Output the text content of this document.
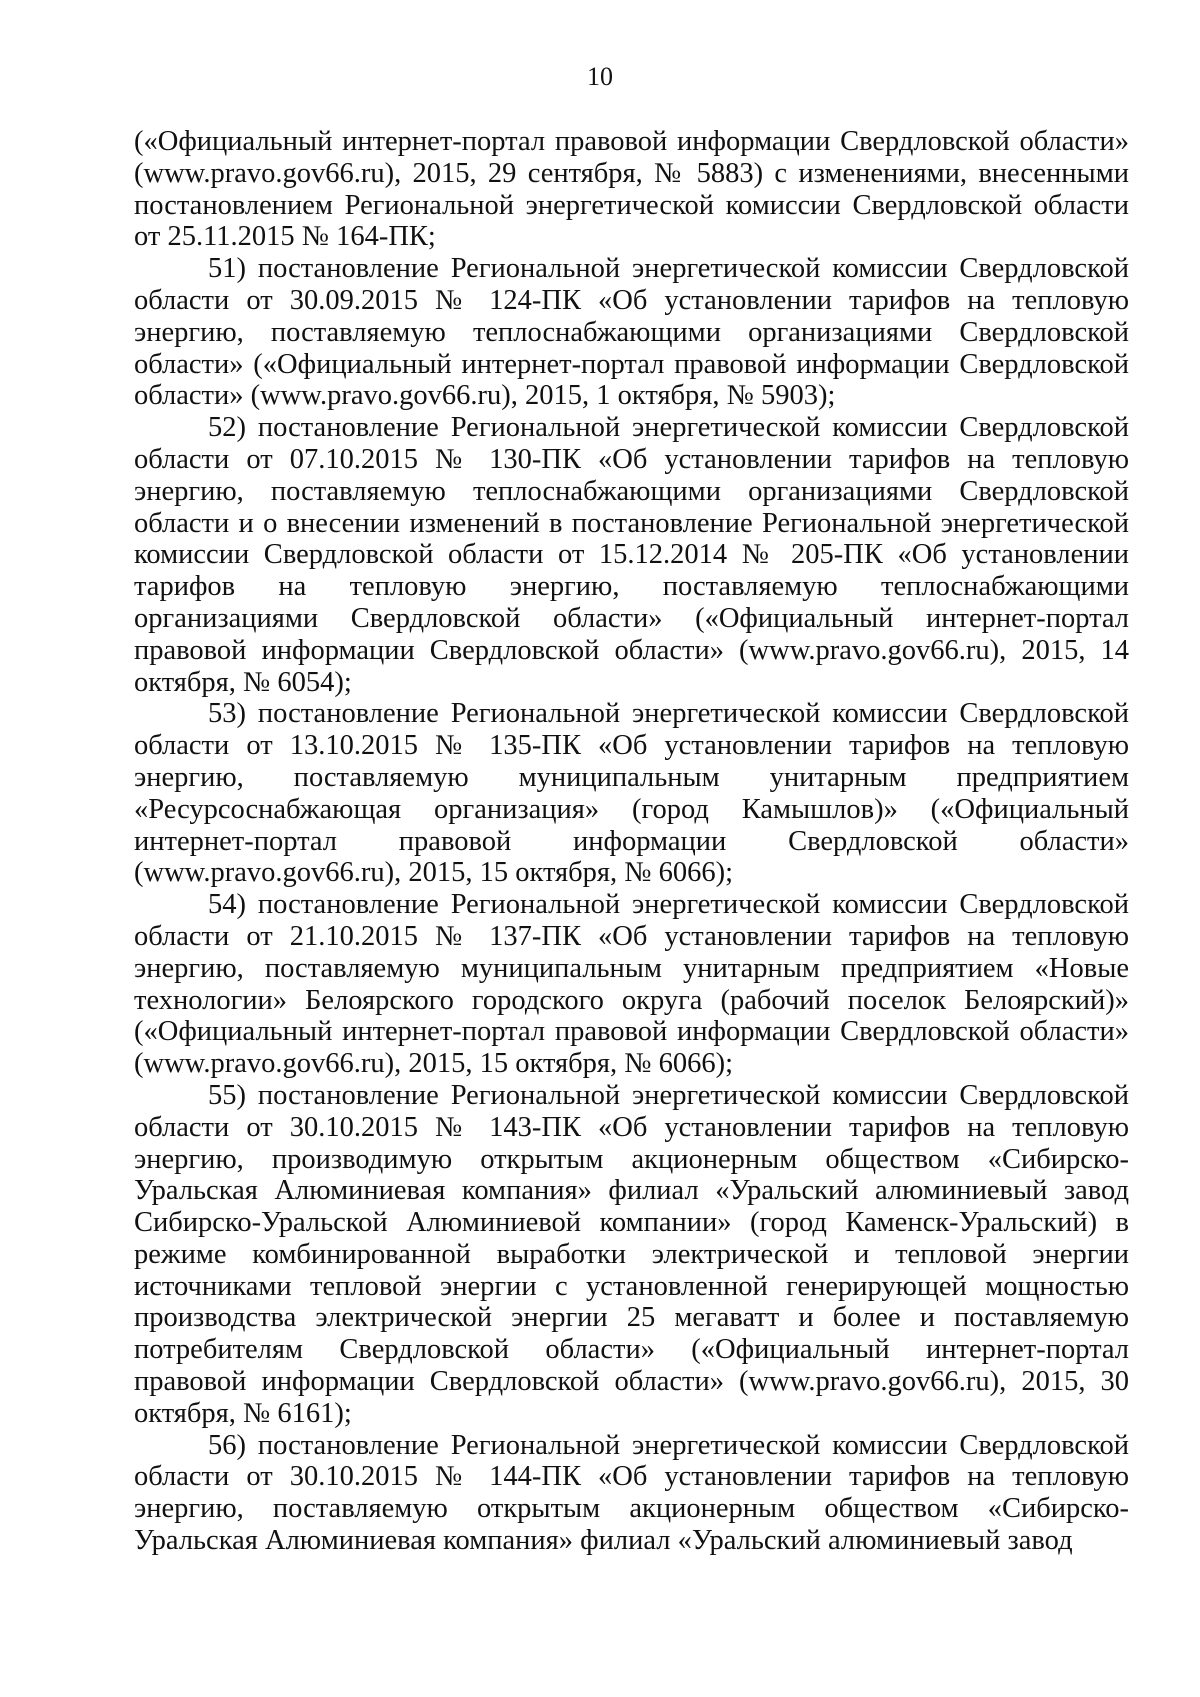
10

(«Официальный интернет-портал правовой информации Свердловской области» (www.pravo.gov66.ru), 2015, 29 сентября, № 5883) с изменениями, внесенными постановлением Региональной энергетической комиссии Свердловской области от 25.11.2015 № 164-ПК;

51) постановление Региональной энергетической комиссии Свердловской области от 30.09.2015 № 124-ПК «Об установлении тарифов на тепловую энергию, поставляемую теплоснабжающими организациями Свердловской области» («Официальный интернет-портал правовой информации Свердловской области» (www.pravo.gov66.ru), 2015, 1 октября, № 5903);

52) постановление Региональной энергетической комиссии Свердловской области от 07.10.2015 № 130-ПК «Об установлении тарифов на тепловую энергию, поставляемую теплоснабжающими организациями Свердловской области и о внесении изменений в постановление Региональной энергетической комиссии Свердловской области от 15.12.2014 № 205-ПК «Об установлении тарифов на тепловую энергию, поставляемую теплоснабжающими организациями Свердловской области» («Официальный интернет-портал правовой информации Свердловской области» (www.pravo.gov66.ru), 2015, 14 октября, № 6054);

53) постановление Региональной энергетической комиссии Свердловской области от 13.10.2015 № 135-ПК «Об установлении тарифов на тепловую энергию, поставляемую муниципальным унитарным предприятием «Ресурсоснабжающая организация» (город Камышлов)» («Официальный интернет-портал правовой информации Свердловской области» (www.pravo.gov66.ru), 2015, 15 октября, № 6066);

54) постановление Региональной энергетической комиссии Свердловской области от 21.10.2015 № 137-ПК «Об установлении тарифов на тепловую энергию, поставляемую муниципальным унитарным предприятием «Новые технологии» Белоярского городского округа (рабочий поселок Белоярский)» («Официальный интернет-портал правовой информации Свердловской области» (www.pravo.gov66.ru), 2015, 15 октября, № 6066);

55) постановление Региональной энергетической комиссии Свердловской области от 30.10.2015 № 143-ПК «Об установлении тарифов на тепловую энергию, производимую открытым акционерным обществом «Сибирско-Уральская Алюминиевая компания» филиал «Уральский алюминиевый завод Сибирско-Уральской Алюминиевой компании» (город Каменск-Уральский) в режиме комбинированной выработки электрической и тепловой энергии источниками тепловой энергии с установленной генерирующей мощностью производства электрической энергии 25 мегаватт и более и поставляемую потребителям Свердловской области» («Официальный интернет-портал правовой информации Свердловской области» (www.pravo.gov66.ru), 2015, 30 октября, № 6161);

56) постановление Региональной энергетической комиссии Свердловской области от 30.10.2015 № 144-ПК «Об установлении тарифов на тепловую энергию, поставляемую открытым акционерным обществом «Сибирско-Уральская Алюминиевая компания» филиал «Уральский алюминиевый завод
